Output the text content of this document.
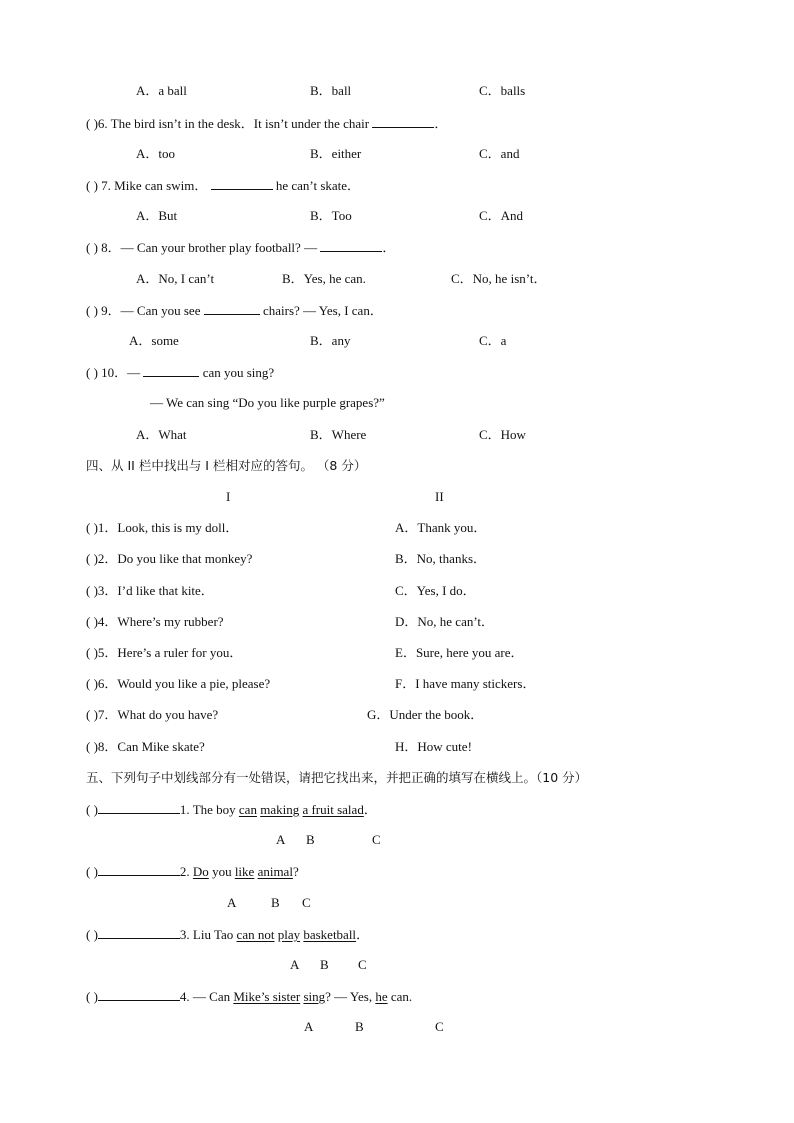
A．a ball	B．ball	C．balls
( )6. The bird isn’t in the desk．It isn’t under the chair	．
A．too	B．either	C．and
( ) 7. Mike can swim．	he can’t skate．
A．But	B．Too	C．And
( ) 8．— Can your brother play football? —	．
A．No, I can’t	B．Yes, he can.	C．No, he isn’t．
( ) 9．— Can you see	chairs? — Yes, I can．
A．some	B．any	C．a
( ) 10．—	can you sing?
— We can sing “Do you like purple grapes?”
A．What	B．Where	C．How
四、从 II 栏中找出与 I 栏相对应的答句。 （8 分）
I	II
( )1．Look, this is my doll．	A．Thank you．
( )2．Do you like that monkey?	B．No, thanks．
( )3．I’d like that kite．	C．Yes, I do．
( )4．Where’s my rubber?	D．No, he can’t．
( )5．Here’s a ruler for you．	E．Sure, here you are．
( )6．Would you like a pie, please?	F．I have many stickers．
( )7．What do you have?	G．Under the book．
( )8．Can Mike skate?	H．How cute!
五、下列句子中划线部分有一处错误，请把它找出来，并把正确的填写在横线上。（10 分）
( )	1. The boy can making a fruit salad．
A B	C
( )	2. Do you like animal?
A	B C
( )	3. Liu Tao can not play basketball．
A B C
( )	4. — Can Mike’s sister sing? — Yes, he can.
A	B	C
